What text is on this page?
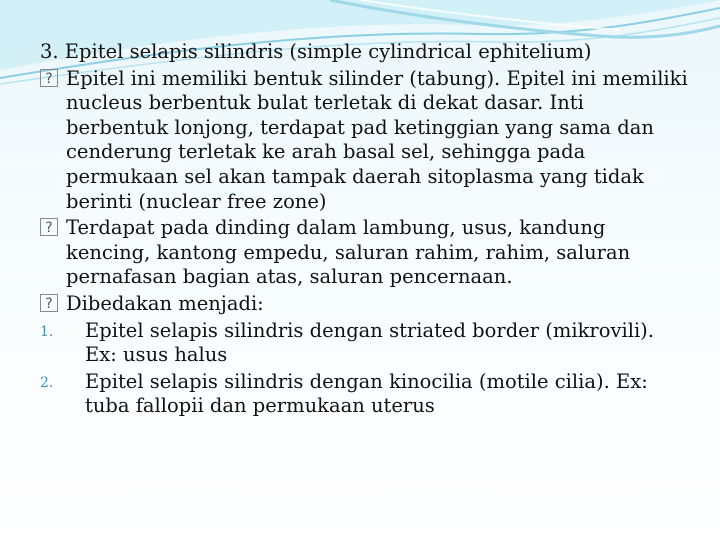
3. Epitel selapis silindris (simple cylindrical ephitelium)
? Epitel ini memiliki bentuk silinder (tabung). Epitel ini memiliki nucleus berbentuk bulat terletak di dekat dasar. Inti berbentuk lonjong, terdapat pad ketinggian yang sama dan cenderung terletak ke arah basal sel, sehingga pada permukaan sel akan tampak daerah sitoplasma yang tidak berinti (nuclear free zone)
? Terdapat pada dinding dalam lambung, usus, kandung kencing, kantong empedu, saluran rahim, rahim, saluran pernafasan bagian atas, saluran pencernaan.
? Dibedakan menjadi:
1. Epitel selapis silindris dengan striated border (mikrovili). Ex: usus halus
2. Epitel selapis silindris dengan kinocilia (motile cilia). Ex: tuba fallopii dan permukaan uterus
